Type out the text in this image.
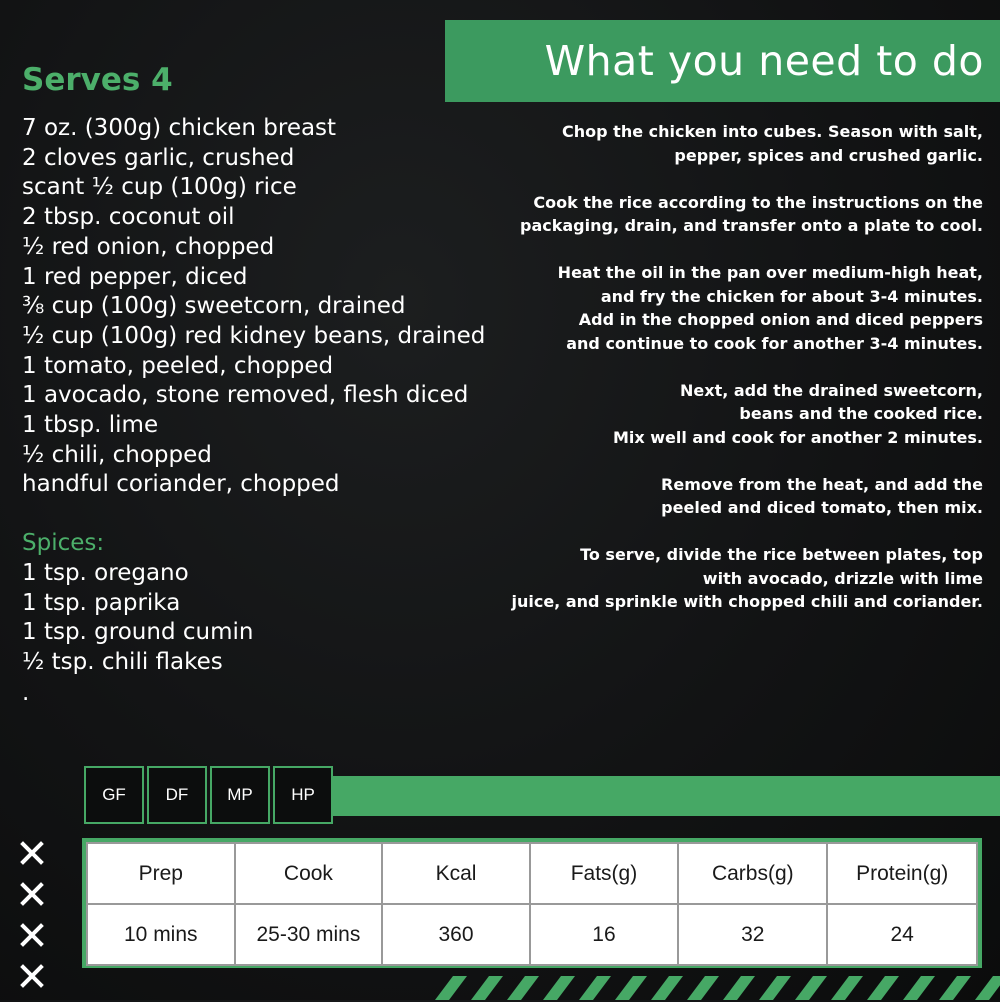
What you need to do
Serves 4
7 oz. (300g) chicken breast
2 cloves garlic, crushed
scant ½ cup (100g) rice
2 tbsp. coconut oil
½ red onion, chopped
1 red pepper, diced
⅜ cup (100g) sweetcorn, drained
½ cup (100g) red kidney beans, drained
1 tomato, peeled, chopped
1 avocado, stone removed, flesh diced
1 tbsp. lime
½ chili, chopped
handful coriander, chopped
Spices:
1 tsp. oregano
1 tsp. paprika
1 tsp. ground cumin
½ tsp. chili flakes
.

Chop the chicken into cubes. Season with salt,
pepper, spices and crushed garlic.

Cook the rice according to the instructions on the
packaging, drain, and transfer onto a plate to cool.

Heat the oil in the pan over medium-high heat,
and fry the chicken for about 3-4 minutes.
Add in the chopped onion and diced peppers
and continue to cook for another 3-4 minutes.

Next, add the drained sweetcorn,
beans and the cooked rice.
Mix well and cook for another 2 minutes.

Remove from the heat, and add the
peeled and diced tomato, then mix.

To serve, divide the rice between plates, top
with avocado, drizzle with lime
juice, and sprinkle with chopped chili and coriander.

GF	DF	MP	HP
Prep	Cook	Kcal	Fats(g)	Carbs(g)	Protein(g)
10 mins	25-30 mins	360	16	32	24
